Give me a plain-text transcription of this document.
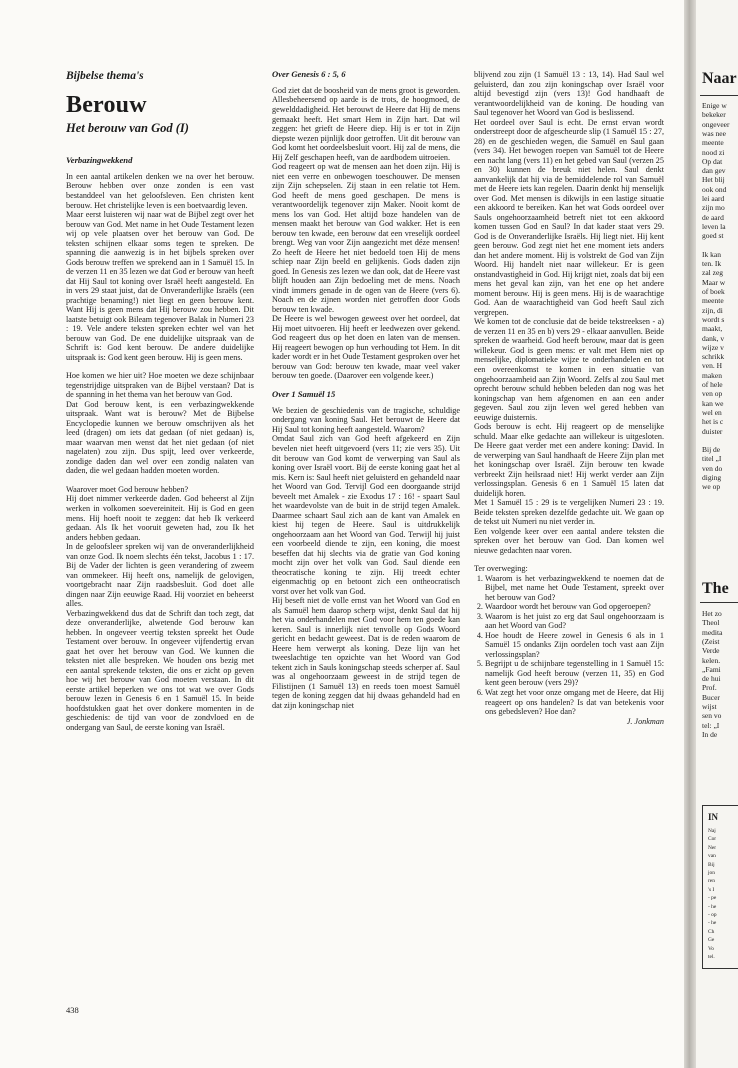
Bijbelse thema's
Berouw
Het berouw van God (I)
Verbazingwekkend

In een aantal artikelen denken we na over het berouw. Berouw hebben over onze zonden is een vast bestanddeel van het geloofsleven. Een christen kent berouw. Het christelijke leven is een boetvaardig leven.

Maar eerst luisteren wij naar wat de Bijbel zegt over het berouw van God. Met name in het Oude Testament lezen wij op vele plaatsen over het berouw van God. De teksten schijnen elkaar soms tegen te spreken. De spanning die aanwezig is in het bijbels spreken over Gods berouw treffen we sprekend aan in 1 Samuël 15. In de verzen 11 en 35 lezen we dat God er berouw van heeft dat Hij Saul tot koning over Israël heeft aangesteld. En in vers 29 staat juist, dat de Onveranderlijke Israëls (een prachtige benaming!) niet liegt en geen berouw kent. Want Hij is geen mens dat Hij berouw zou hebben. Dit laatste betuigt ook Bileam tegenover Balak in Numeri 23 : 19. Vele andere teksten spreken echter wel van het berouw van God. De ene duidelijke uitspraak van de Schrift is: God kent berouw. De andere duidelijke uitspraak is: God kent geen berouw. Hij is geen mens.

Hoe komen we hier uit? Hoe moeten we deze schijnbaar tegenstrijdige uitspraken van de Bijbel verstaan? Dat is de spanning in het thema van het berouw van God.

Dat God berouw kent, is een verbazingwekkende uitspraak. Want wat is berouw? Met de Bijbelse Encyclopedie kunnen we berouw omschrijven als het leed (dragen) om iets dat gedaan (of niet gedaan) is, maar waarvan men wenst dat het niet gedaan (of niet nagelaten) zou zijn. Dus spijt, leed over verkeerde, zondige daden dan wel over een zondig nalaten van daden, die wel gedaan hadden moeten worden.

Waarover moet God berouw hebben?

Hij doet nimmer verkeerde daden. God beheerst al Zijn werken in volkomen soevereiniteit. Hij is God en geen mens. Hij hoeft nooit te zeggen: dat heb Ik verkeerd gedaan. Als Ik het vooruit geweten had, zou Ik het anders hebben gedaan.

In de geloofsleer spreken wij van de onveranderlijkheid van onze God. Ik noem slechts één tekst, Jacobus 1 : 17. Bij de Vader der lichten is geen verandering of zweem van ommekeer. Hij heeft ons, namelijk de gelovigen, voortgebracht naar Zijn raadsbesluit. God doet alle dingen naar Zijn eeuwige Raad. Hij voorziet en beheerst alles.

Verbazingwekkend dus dat de Schrift dan toch zegt, dat deze onveranderlijke, alwetende God berouw kan hebben. In ongeveer veertig teksten spreekt het Oude Testament over berouw. In ongeveer vijfendertig ervan gaat het over het berouw van God. We kunnen die teksten niet alle bespreken. We houden ons bezig met een aantal sprekende teksten, die ons er zicht op geven hoe wij het berouw van God moeten verstaan. In dit eerste artikel beperken we ons tot wat we over Gods berouw lezen in Genesis 6 en 1 Samuël 15. In beide hoofdstukken gaat het over donkere momenten in de geschiedenis: de tijd van voor de zondvloed en de ondergang van Saul, de eerste koning van Israël.

Over Genesis 6 : 5, 6

God ziet dat de boosheid van de mens groot is geworden. Allesbeheersend op aarde is de trots, de hoogmoed, de gewelddadigheid. Het berouwt de Heere dat Hij de mens gemaakt heeft. Het smart Hem in Zijn hart. Dat wil zeggen: het grieft de Heere diep. Hij is er tot in Zijn diepste wezen pijnlijk door getroffen. Uit dit berouw van God komt het oordeelsbesluit voort. Hij zal de mens, die Hij Zelf geschapen heeft, van de aardbodem uitroeien.

God reageert op wat de mensen aan het doen zijn. Hij is niet een verre en onbewogen toeschouwer. De mensen zijn Zijn schepselen. Zij staan in een relatie tot Hem. God heeft de mens goed geschapen. De mens is verantwoordelijk tegenover zijn Maker. Nooit komt de mens los van God. Het altijd boze handelen van de mensen maakt het berouw van God wakker. Het is een berouw ten kwade, een berouw dat een vreselijk oordeel brengt. Weg van voor Zijn aangezicht met déze mensen! Zo heeft de Heere het niet bedoeld toen Hij de mens schiep naar Zijn beeld en gelijkenis. Gods daden zijn goed. In Genesis zes lezen we dan ook, dat de Heere vast blijft houden aan Zijn bedoeling met de mens. Noach vindt immers genade in de ogen van de Heere (vers 6). Noach en de zijnen worden niet getroffen door Gods berouw ten kwade.

De Heere is wel bewogen geweest over het oordeel, dat Hij moet uitvoeren. Hij heeft er leedwezen over gekend. God reageert dus op het doen en laten van de mensen. Hij reageert bewogen op hun verhouding tot Hem. In dit kader wordt er in het Oude Testament gesproken over het berouw van God: berouw ten kwade, maar veel vaker berouw ten goede. (Daarover een volgende keer.)

Over 1 Samuël 15

We bezien de geschiedenis van de tragische, schuldige ondergang van koning Saul. Het berouwt de Heere dat Hij Saul tot koning heeft aangesteld. Waarom?

Omdat Saul zich van God heeft afgekeerd en Zijn bevelen niet heeft uitgevoerd (vers 11; zie vers 35). Uit dit berouw van God komt de verwerping van Saul als koning over Israël voort. Bij de eerste koning gaat het al mis. Kern is: Saul heeft niet geluisterd en gehandeld naar het Woord van God. Tervijl God een doorgaande strijd beveelt met Amalek - zie Exodus 17 : 16! - spaart Saul het waardevolste van de buit in de strijd tegen Amalek. Daarmee schaart Saul zich aan de kant van Amalek en kiest hij tegen de Heere. Saul is uitdrukkelijk ongehoorzaam aan het Woord van God. Terwijl hij juist een voorbeeld diende te zijn, een koning, die moest beseffen dat hij slechts via de gratie van God koning mocht zijn over het volk van God. Saul diende een theocratische koning te zijn. Hij treedt echter eigenmachtig op en betoont zich een ontheocratisch vorst over het volk van God.

Hij beseft niet de volle ernst van het Woord van God en als Samuël hem daarop scherp wijst, denkt Saul dat hij het via onderhandelen met God voor hem ten goede kan keren. Saul is innerlijk niet tenvolle op Gods Woord gericht en bedacht geweest. Dat is de reden waarom de Heere hem verwerpt als koning. Deze lijn van het tweeslachtige ten opzichte van het Woord van God tekent zich in Sauls koningschap steeds scherper af. Saul was al ongehoorzaam geweest in de strijd tegen de Filistijnen (1 Samuël 13) en reeds toen moest Samuël tegen de koning zeggen dat hij dwaas gehandeld had en dat zijn koningschap niet

blijvend zou zijn (1 Samuël 13 : 13, 14). Had Saul wel geluisterd, dan zou zijn koningschap over Israël voor altijd bevestigd zijn (vers 13)! God handhaaft de verantwoordelijkheid van de koning. De houding van Saul tegenover het Woord van God is beslissend.

Het oordeel over Saul is echt. De ernst ervan wordt onderstreept door de afgescheurde slip (1 Samuël 15 : 27, 28) en de geschieden wegen, die Samuël en Saul gaan (vers 34). Het bewogen roepen van Samuël tot de Heere een nacht lang (vers 11) en het gebed van Saul (verzen 25 en 30) kunnen de breuk niet helen. Saul denkt aanvankelijk dat hij via de bemiddelende rol van Samuël met de Heere iets kan regelen. Daarin denkt hij menselijk over God. Met mensen is dikwijls in een lastige situatie een akkoord te bereiken. Kan het wat Gods oordeel over Sauls ongehoorzaamheid betreft niet tot een akkoord komen tussen God en Saul? In dat kader staat vers 29. God is de Onveranderlijke Israëls. Hij liegt niet. Hij kent geen berouw. God zegt niet het ene moment iets anders dan het andere moment. Hij is volstrekt de God van Zijn Woord. Hij handelt niet naar willekeur. Er is geen onstandvastigheid in God. Hij krijgt niet, zoals dat bij een mens het geval kan zijn, van het ene op het andere moment berouw. Hij is geen mens. Hij is de waarachtige God. Aan de waarachtigheid van God heeft Saul zich vergrepen.

We komen tot de conclusie dat de beide tekstreeksen - a) de verzen 11 en 35 en b) vers 29 - elkaar aanvullen. Beide spreken de waarheid. God heeft berouw, maar dat is geen willekeur. God is geen mens: er valt met Hem niet op menselijke, diplomatieke wijze te onderhandelen en tot een overeenkomst te komen in een situatie van ongehoorzaamheid aan Zijn Woord. Zelfs al zou Saul met oprecht berouw schuld hebben beleden dan nog was het koningschap van hem afgenomen en aan een ander gegeven. Saul zou zijn leven wel gered hebben van eeuwige duisternis.

Gods berouw is echt. Hij reageert op de menselijke schuld. Maar elke gedachte aan willekeur is uitgesloten. De Heere gaat verder met een andere koning: David. In de verwerping van Saul handhaaft de Heere Zijn plan met het koningschap over Israël. Zijn berouw ten kwade verbreekt Zijn heilsraad niet! Hij werkt verder aan Zijn verlossingsplan. Genesis 6 en 1 Samuël 15 laten dat duidelijk horen.

Met 1 Samuël 15 : 29 is te vergelijken Numeri 23 : 19. Beide teksten spreken dezelfde gedachte uit. We gaan op de tekst uit Numeri nu niet verder in.

Een volgende keer over een aantal andere teksten die spreken over het berouw van God. Dan komen wel nieuwe gedachten naar voren.

Ter overweging:

1. Waarom is het verbazingwekkend te noemen dat de Bijbel, met name het Oude Testament, spreekt over het berouw van God?
2. Waardoor wordt het berouw van God opgeroepen?
3. Waarom is het juist zo erg dat Saul ongehoorzaam is aan het Woord van God?
4. Hoe houdt de Heere zowel in Genesis 6 als in 1 Samuël 15 ondanks Zijn oordelen toch vast aan Zijn verlossingsplan?
5. Begrijpt u de schijnbare tegenstelling in 1 Samuël 15: namelijk God heeft berouw (verzen 11, 35) en God kent geen berouw (vers 29)?
6. Wat zegt het voor onze omgang met de Heere, dat Hij reageert op ons handelen? Is dat van betekenis voor ons gebedsleven? Hoe dan?

J. Jonkman

438
Naar
Enige w
bekeker
ongeveer
was nee
meente
nood zi
Op dat
dan gev
Het blij
ook ond
lei aard
zijn mo
de aard
leven la
goed st
Ik kan
ten. Ik
zal zeg
Maar w
of boek
meente
zijn, di
wordt s
maakt,
dank, v
wijze v
schrikk
ven. H
maken
of hele
ven op
kan we
wel en
het is c
duister
Bij de
titel „I
ven do
diging
we op
The
Het zo
Theol
medita
(Zeist
Verde
kelen.
„Fami
de hui
Prof.
Bucer
wijst
sen vo
tel: „I
In de
IN
Naj
Cor
Ner
van
Bij
jon
ren
's I
- pe
- he
- op
- he
Ch
Ge
Vo
tel.
